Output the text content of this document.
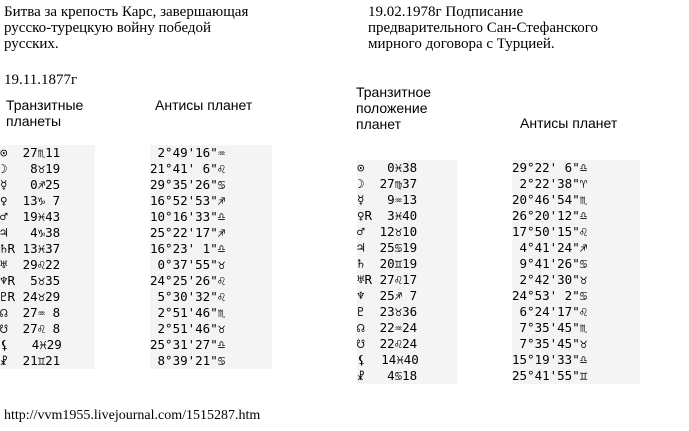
Битва за крепость Карс, завершающая
русско-турецкую войну победой
русских.
19.11.1877г
Транзитные
планеты
Антисы планет
⊙  27♏11
☽   8♉19
☿   0♐25
♀  13♑ 7
♂  19♓43
♃   4♑38
♄R 13♓37
♅  29♌22
♆R  5♉35
♇R 24♉29
☊  27♒ 8
☋  27♌ 8
⚸   4♓29
☧  21♊21
2°49'16"♒
21°41' 6"♌
29°35'26"♋
16°52'53"♐
10°16'33"♎
25°22'17"♐
16°23' 1"♎
0°37'55"♉
24°25'26"♌
5°30'32"♌
2°51'46"♏
2°51'46"♉
25°31'27"♎
8°39'21"♋
19.02.1978г Подписание
предварительного Сан-Стефанского
мирного договора с Турцией.
Транзитное
положение
планет	Антисы планет
⊙   0♓38
☽  27♍37
☿   9♒13
♀R  3♓40
♂  12♉10
♃  25♋19
♄  20♊19
♅R 27♌17
♆  25♐ 7
♇  23♉36
☊  22♒24
☋  22♌24
⚸  14♓40
☧   4♋18
29°22' 6"♎
2°22'38"♈
20°46'54"♏
26°20'12"♎
17°50'15"♌
4°41'24"♐
9°41'26"♋
2°42'30"♉
24°53' 2"♋
6°24'17"♌
7°35'45"♏
7°35'45"♉
15°19'33"♎
25°41'55"♊
http://vvm1955.livejournal.com/1515287.htm
